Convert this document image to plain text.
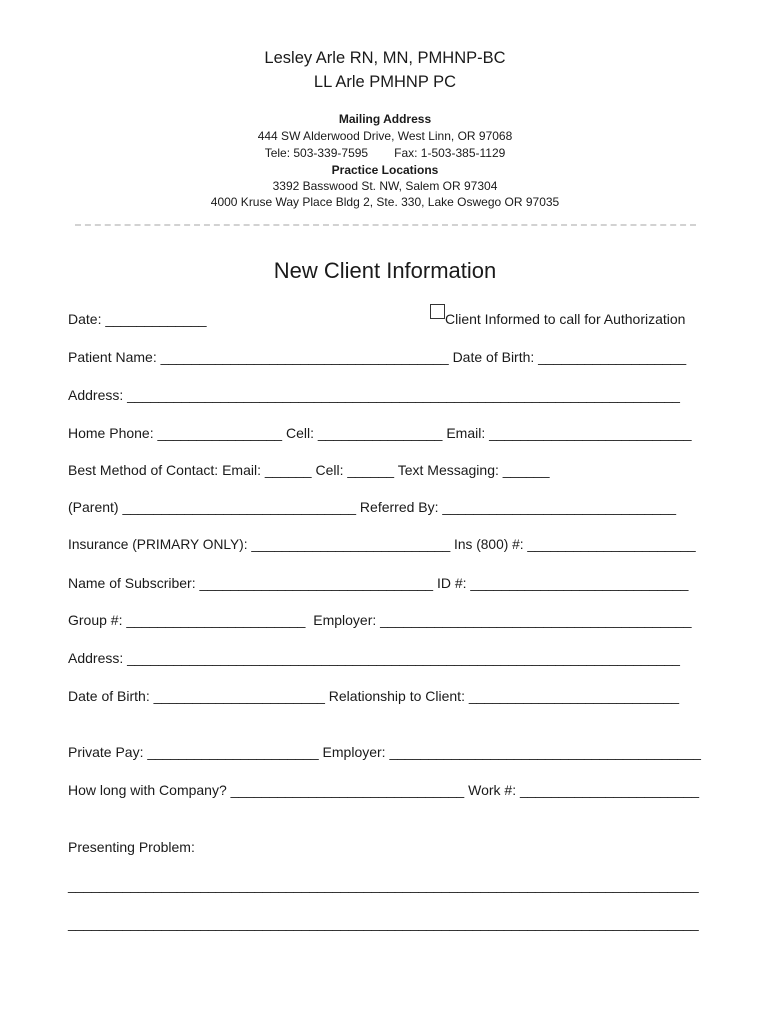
Lesley Arle RN, MN, PMHNP-BC
LL Arle PMHNP PC
Mailing Address
444 SW Alderwood Drive, West Linn, OR 97068
Tele: 503-339-7595 Fax: 1-503-385-1129
Practice Locations
3392 Basswood St. NW, Salem OR 97304
4000 Kruse Way Place Bldg 2, Ste. 330, Lake Oswego OR 97035
New Client Information
Date: _____________	Client Informed to call for Authorization
Patient Name: _____________________________________ Date of Birth: ___________________
Address: _______________________________________________________________________
Home Phone: ________________ Cell: ________________ Email: __________________________
Best Method of Contact: Email: ______ Cell: ______ Text Messaging: ______
(Parent) ______________________________ Referred By: ______________________________
Insurance (PRIMARY ONLY): __________________________ Ins (800) #: ______________________
Name of Subscriber: ______________________________ ID #: ____________________________
Group #: _______________________  Employer: ________________________________________
Address: _______________________________________________________________________
Date of Birth: ______________________ Relationship to Client: ___________________________
Private Pay: ______________________ Employer: ________________________________________
How long with Company? ______________________________ Work #: _______________________
Presenting Problem:
_________________________________________________________________________________
_________________________________________________________________________________
